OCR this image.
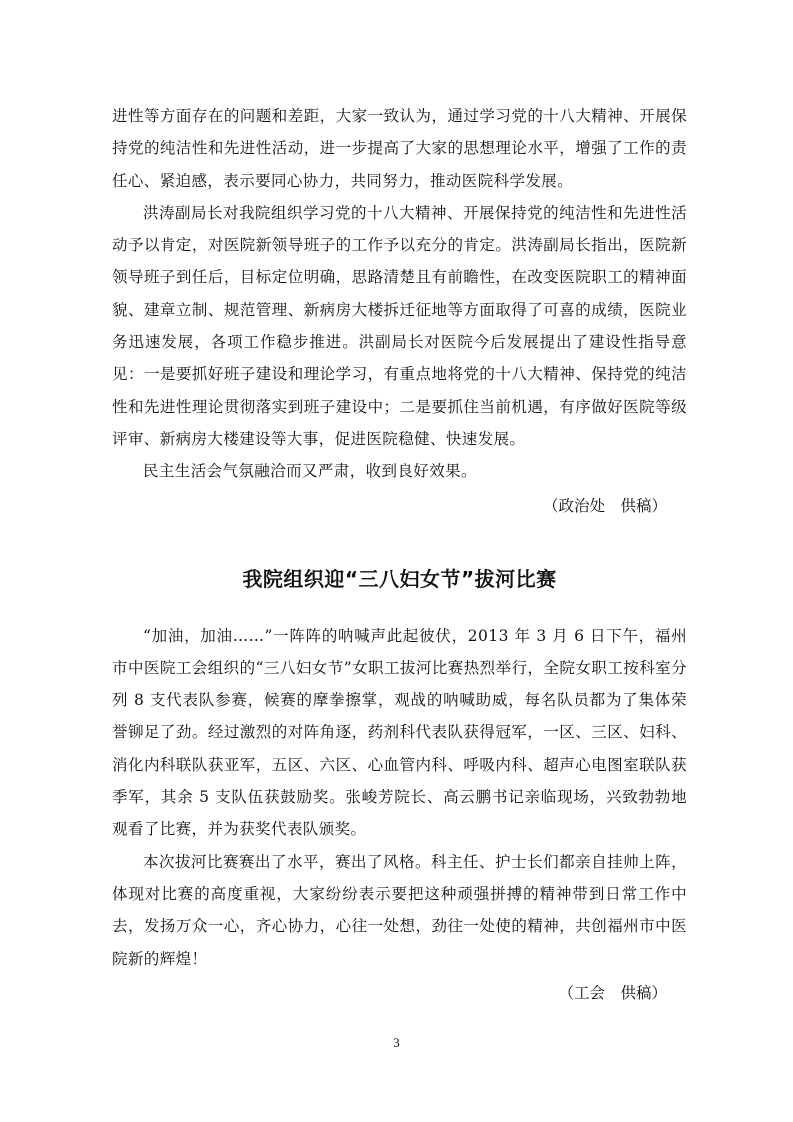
进性等方面存在的问题和差距，大家一致认为，通过学习党的十八大精神、开展保持党的纯洁性和先进性活动，进一步提高了大家的思想理论水平，增强了工作的责任心、紧迫感，表示要同心协力，共同努力，推动医院科学发展。

洪涛副局长对我院组织学习党的十八大精神、开展保持党的纯洁性和先进性活动予以肯定，对医院新领导班子的工作予以充分的肯定。洪涛副局长指出，医院新领导班子到任后，目标定位明确，思路清楚且有前瞻性，在改变医院职工的精神面貌、建章立制、规范管理、新病房大楼拆迁征地等方面取得了可喜的成绩，医院业务迅速发展，各项工作稳步推进。洪副局长对医院今后发展提出了建设性指导意见：一是要抓好班子建设和理论学习，有重点地将党的十八大精神、保持党的纯洁性和先进性理论贯彻落实到班子建设中；二是要抓住当前机遇，有序做好医院等级评审、新病房大楼建设等大事，促进医院稳健、快速发展。

民主生活会气氛融洽而又严肃，收到良好效果。

（政治处　供稿）

我院组织迎“三八妇女节”拔河比赛

“加油，加油……”一阵阵的呐喊声此起彼伏，2013 年 3 月 6 日下午，福州市中医院工会组织的“三八妇女节”女职工拔河比赛热烈举行，全院女职工按科室分列 8 支代表队参赛，候赛的摩拳擦掌，观战的呐喊助威，每名队员都为了集体荣誉铆足了劲。经过激烈的对阵角逐，药剂科代表队获得冠军，一区、三区、妇科、消化内科联队获亚军，五区、六区、心血管内科、呼吸内科、超声心电图室联队获季军，其余 5 支队伍获鼓励奖。张峻芳院长、高云鹏书记亲临现场，兴致勃勃地观看了比赛，并为获奖代表队颁奖。

本次拔河比赛赛出了水平，赛出了风格。科主任、护士长们都亲自挂帅上阵，体现对比赛的高度重视，大家纷纷表示要把这种顽强拼搏的精神带到日常工作中去，发扬万众一心，齐心协力，心往一处想，劲往一处使的精神，共创福州市中医院新的辉煌！

（工会　供稿）

3
